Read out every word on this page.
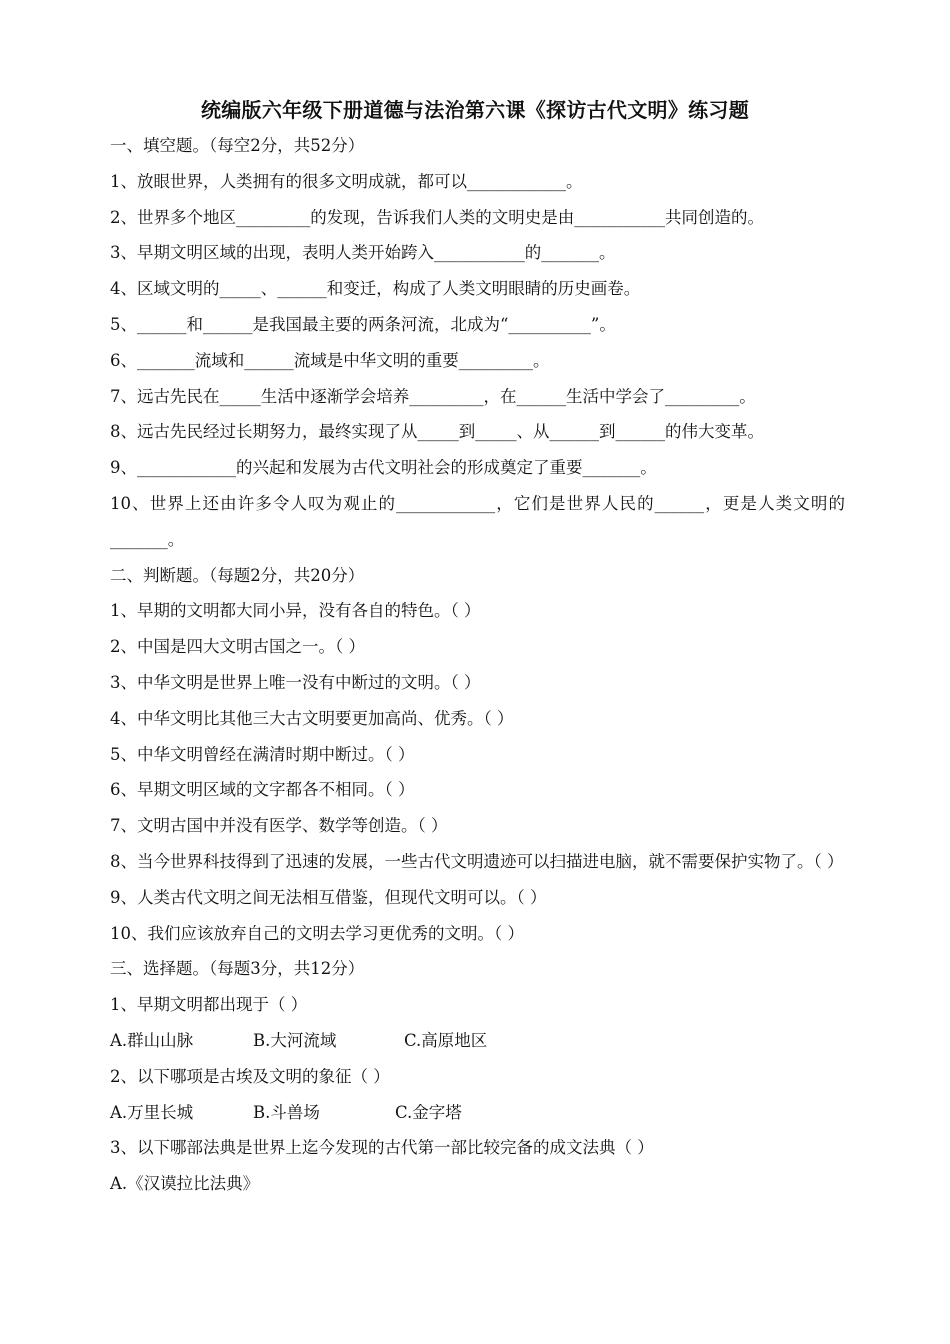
统编版六年级下册道德与法治第六课《探访古代文明》练习题

一、填空题。（每空2分，共52分）

1、放眼世界，人类拥有的很多文明成就，都可以____________。

2、世界多个地区_________的发现，告诉我们人类的文明史是由___________共同创造的。

3、早期文明区域的出现，表明人类开始跨入___________的_______。

4、区域文明的_____、______和变迁，构成了人类文明眼睛的历史画卷。

5、______和______是我国最主要的两条河流，北成为“__________”。

6、_______流域和______流域是中华文明的重要_________。

7、远古先民在_____生活中逐渐学会培养_________，在______生活中学会了_________。

8、远古先民经过长期努力，最终实现了从_____到_____、从______到______的伟大变革。

9、____________的兴起和发展为古代文明社会的形成奠定了重要_______。

10、世界上还由许多令人叹为观止的____________，它们是世界人民的______，更是人类文明的_______。

二、判断题。（每题2分，共20分）

1、早期的文明都大同小异，没有各自的特色。（ ）

2、中国是四大文明古国之一。（ ）

3、中华文明是世界上唯一没有中断过的文明。（ ）

4、中华文明比其他三大古文明要更加高尚、优秀。（ ）

5、中华文明曾经在满清时期中断过。（ ）

6、早期文明区域的文字都各不相同。（ ）

7、文明古国中并没有医学、数学等创造。（ ）

8、当今世界科技得到了迅速的发展，一些古代文明遗迹可以扫描进电脑，就不需要保护实物了。（ ）

9、人类古代文明之间无法相互借鉴，但现代文明可以。（ ）

10、我们应该放弃自己的文明去学习更优秀的文明。（ ）

三、选择题。（每题3分，共12分）

1、早期文明都出现于（ ）

A.群山山脉	B.大河流域	C.高原地区

2、以下哪项是古埃及文明的象征（ ）

A.万里长城	B.斗兽场	C.金字塔

3、以下哪部法典是世界上迄今发现的古代第一部比较完备的成文法典（ ）

A.《汉谟拉比法典》
